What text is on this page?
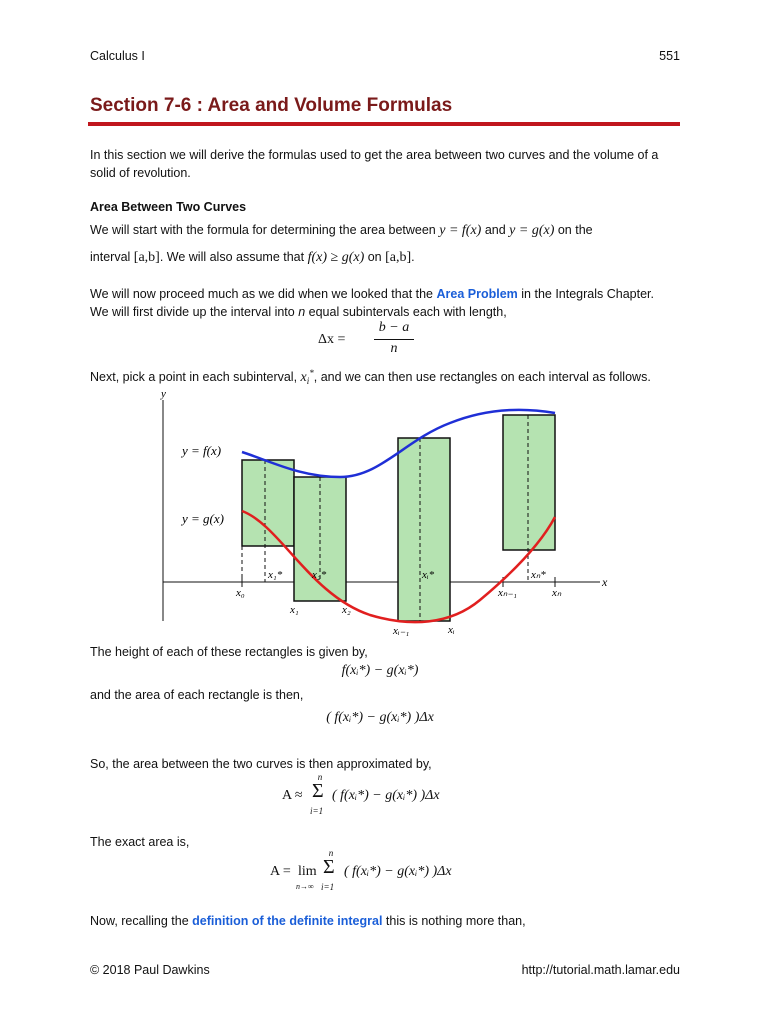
Calculus I	551
Section 7-6 : Area and Volume Formulas
In this section we will derive the formulas used to get the area between two curves and the volume of a solid of revolution.
Area Between Two Curves
We will start with the formula for determining the area between y = f(x) and y = g(x) on the
interval [a,b]. We will also assume that f(x) ≥ g(x) on [a,b].
We will now proceed much as we did when we looked that the Area Problem in the Integrals Chapter.
We will first divide up the interval into n equal subintervals each with length,
Δx =
b − a
n
Next, pick a point in each subinterval, $x_i^*$, and we can then use rectangles on each interval as follows.
y
x
y = f(x)
y = g(x)
x₁*	x₂*	xᵢ*	xₙ*
x₀
x₁	x₂
xᵢ₋₁	xᵢ
xₙ₋₁	xₙ
The height of each of these rectangles is given by,
f(xᵢ*) − g(xᵢ*)
and the area of each rectangle is then,
( f(xᵢ*) − g(xᵢ*) )Δx
So, the area between the two curves is then approximated by,
A ≈
n
Σ
i=1
( f(xᵢ*) − g(xᵢ*) )Δx
The exact area is,
A = lim
n→∞
n
Σ
i=1
( f(xᵢ*) − g(xᵢ*) )Δx
Now, recalling the definition of the definite integral this is nothing more than,
© 2018 Paul Dawkins	http://tutorial.math.lamar.edu
